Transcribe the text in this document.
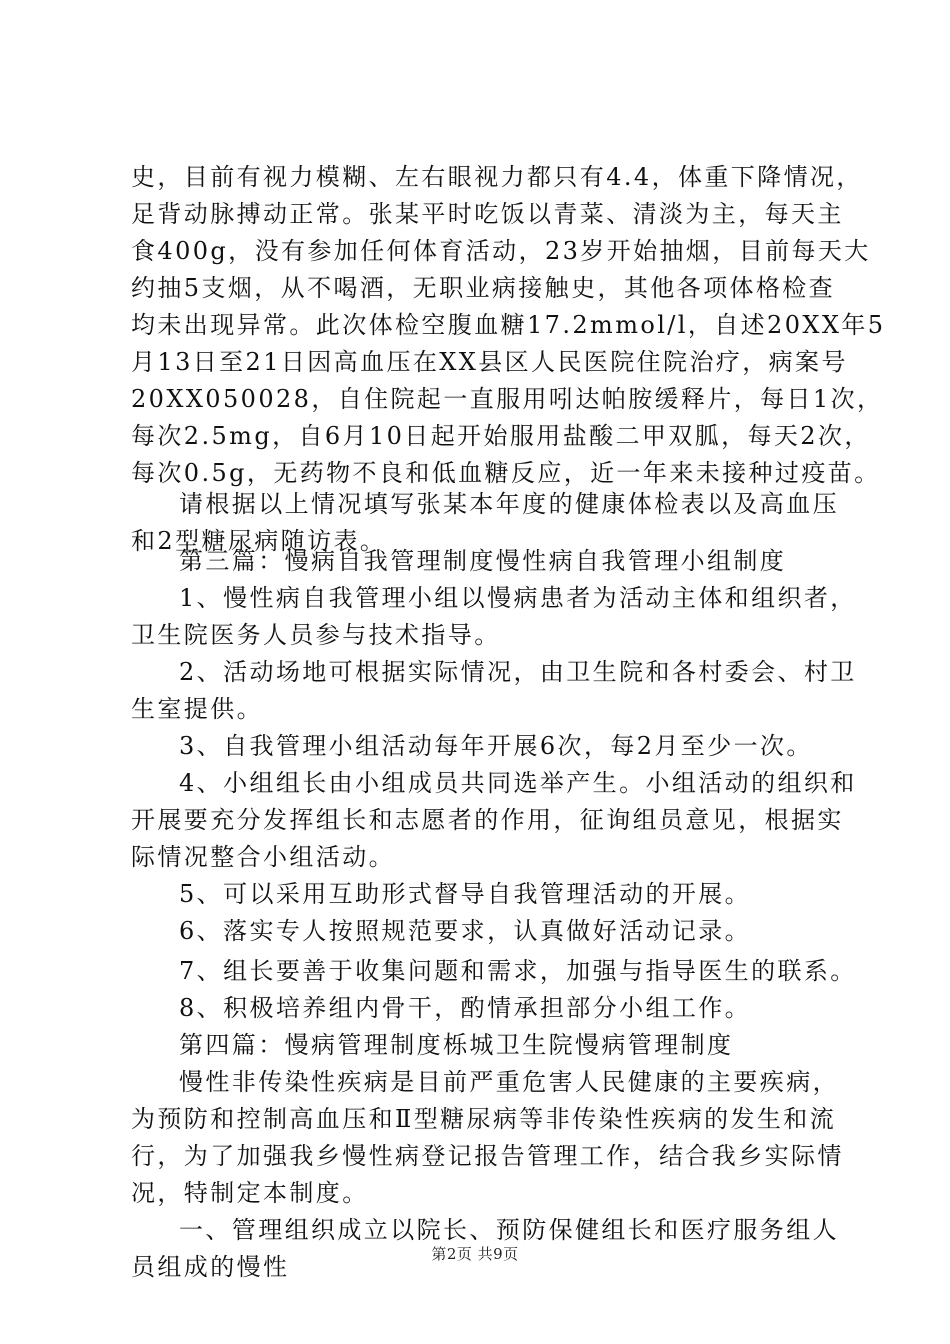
史，目前有视力模糊、左右眼视力都只有4.4，体重下降情况，
足背动脉搏动正常。张某平时吃饭以青菜、清淡为主，每天主
食400g，没有参加任何体育活动，23岁开始抽烟，目前每天大
约抽5支烟，从不喝酒，无职业病接触史，其他各项体格检查
均未出现异常。此次体检空腹血糖17.2mmol/l，自述20XX年5
月13日至21日因高血压在XX县区人民医院住院治疗，病案号
20XX050028，自住院起一直服用吲达帕胺缓释片，每日1次，
每次2.5mg，自6月10日起开始服用盐酸二甲双胍，每天2次，
每次0.5g，无药物不良和低血糖反应，近一年来未接种过疫苗。
请根据以上情况填写张某本年度的健康体检表以及高血压
和2型糖尿病随访表。
第三篇：慢病自我管理制度慢性病自我管理小组制度
1、慢性病自我管理小组以慢病患者为活动主体和组织者，
卫生院医务人员参与技术指导。
2、活动场地可根据实际情况，由卫生院和各村委会、村卫
生室提供。
3、自我管理小组活动每年开展6次，每2月至少一次。
4、小组组长由小组成员共同选举产生。小组活动的组织和
开展要充分发挥组长和志愿者的作用，征询组员意见，根据实
际情况整合小组活动。
5、可以采用互助形式督导自我管理活动的开展。
6、落实专人按照规范要求，认真做好活动记录。
7、组长要善于收集问题和需求，加强与指导医生的联系。
8、积极培养组内骨干，酌情承担部分小组工作。
第四篇：慢病管理制度栎城卫生院慢病管理制度
慢性非传染性疾病是目前严重危害人民健康的主要疾病，
为预防和控制高血压和Ⅱ型糖尿病等非传染性疾病的发生和流
行，为了加强我乡慢性病登记报告管理工作，结合我乡实际情
况，特制定本制度。
一、管理组织成立以院长、预防保健组长和医疗服务组人
员组成的慢性	第2页 共9页
